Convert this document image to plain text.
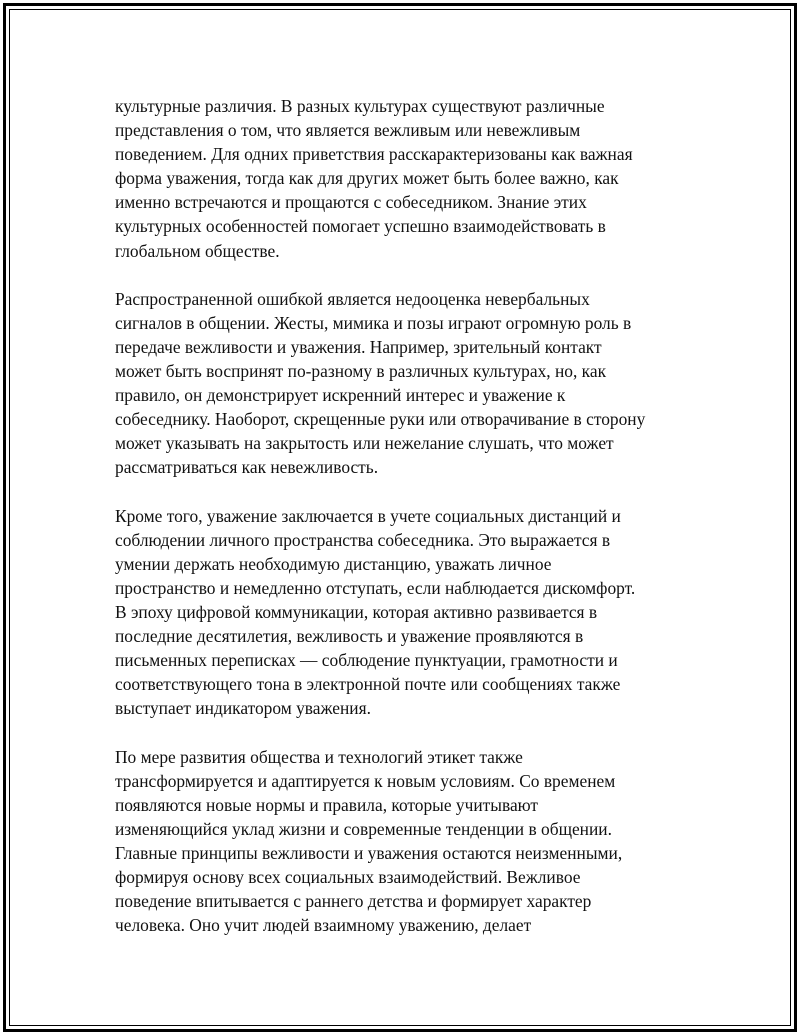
культурные различия. В разных культурах существуют различные
представления о том, что является вежливым или невежливым
поведением. Для одних приветствия расскарактеризованы как важная
форма уважения, тогда как для других может быть более важно, как
именно встречаются и прощаются с собеседником. Знание этих
культурных особенностей помогает успешно взаимодействовать в
глобальном обществе.

Распространенной ошибкой является недооценка невербальных
сигналов в общении. Жесты, мимика и позы играют огромную роль в
передаче вежливости и уважения. Например, зрительный контакт
может быть воспринят по-разному в различных культурах, но, как
правило, он демонстрирует искренний интерес и уважение к
собеседнику. Наоборот, скрещенные руки или отворачивание в сторону
может указывать на закрытость или нежелание слушать, что может
рассматриваться как невежливость.

Кроме того, уважение заключается в учете социальных дистанций и
соблюдении личного пространства собеседника. Это выражается в
умении держать необходимую дистанцию, уважать личное
пространство и немедленно отступать, если наблюдается дискомфорт.
В эпоху цифровой коммуникации, которая активно развивается в
последние десятилетия, вежливость и уважение проявляются в
письменных переписках — соблюдение пунктуации, грамотности и
соответствующего тона в электронной почте или сообщениях также
выступает индикатором уважения.

По мере развития общества и технологий этикет также
трансформируется и адаптируется к новым условиям. Со временем
появляются новые нормы и правила, которые учитывают
изменяющийся уклад жизни и современные тенденции в общении.
Главные принципы вежливости и уважения остаются неизменными,
формируя основу всех социальных взаимодействий. Вежливое
поведение впитывается с раннего детства и формирует характер
человека. Оно учит людей взаимному уважению, делает
